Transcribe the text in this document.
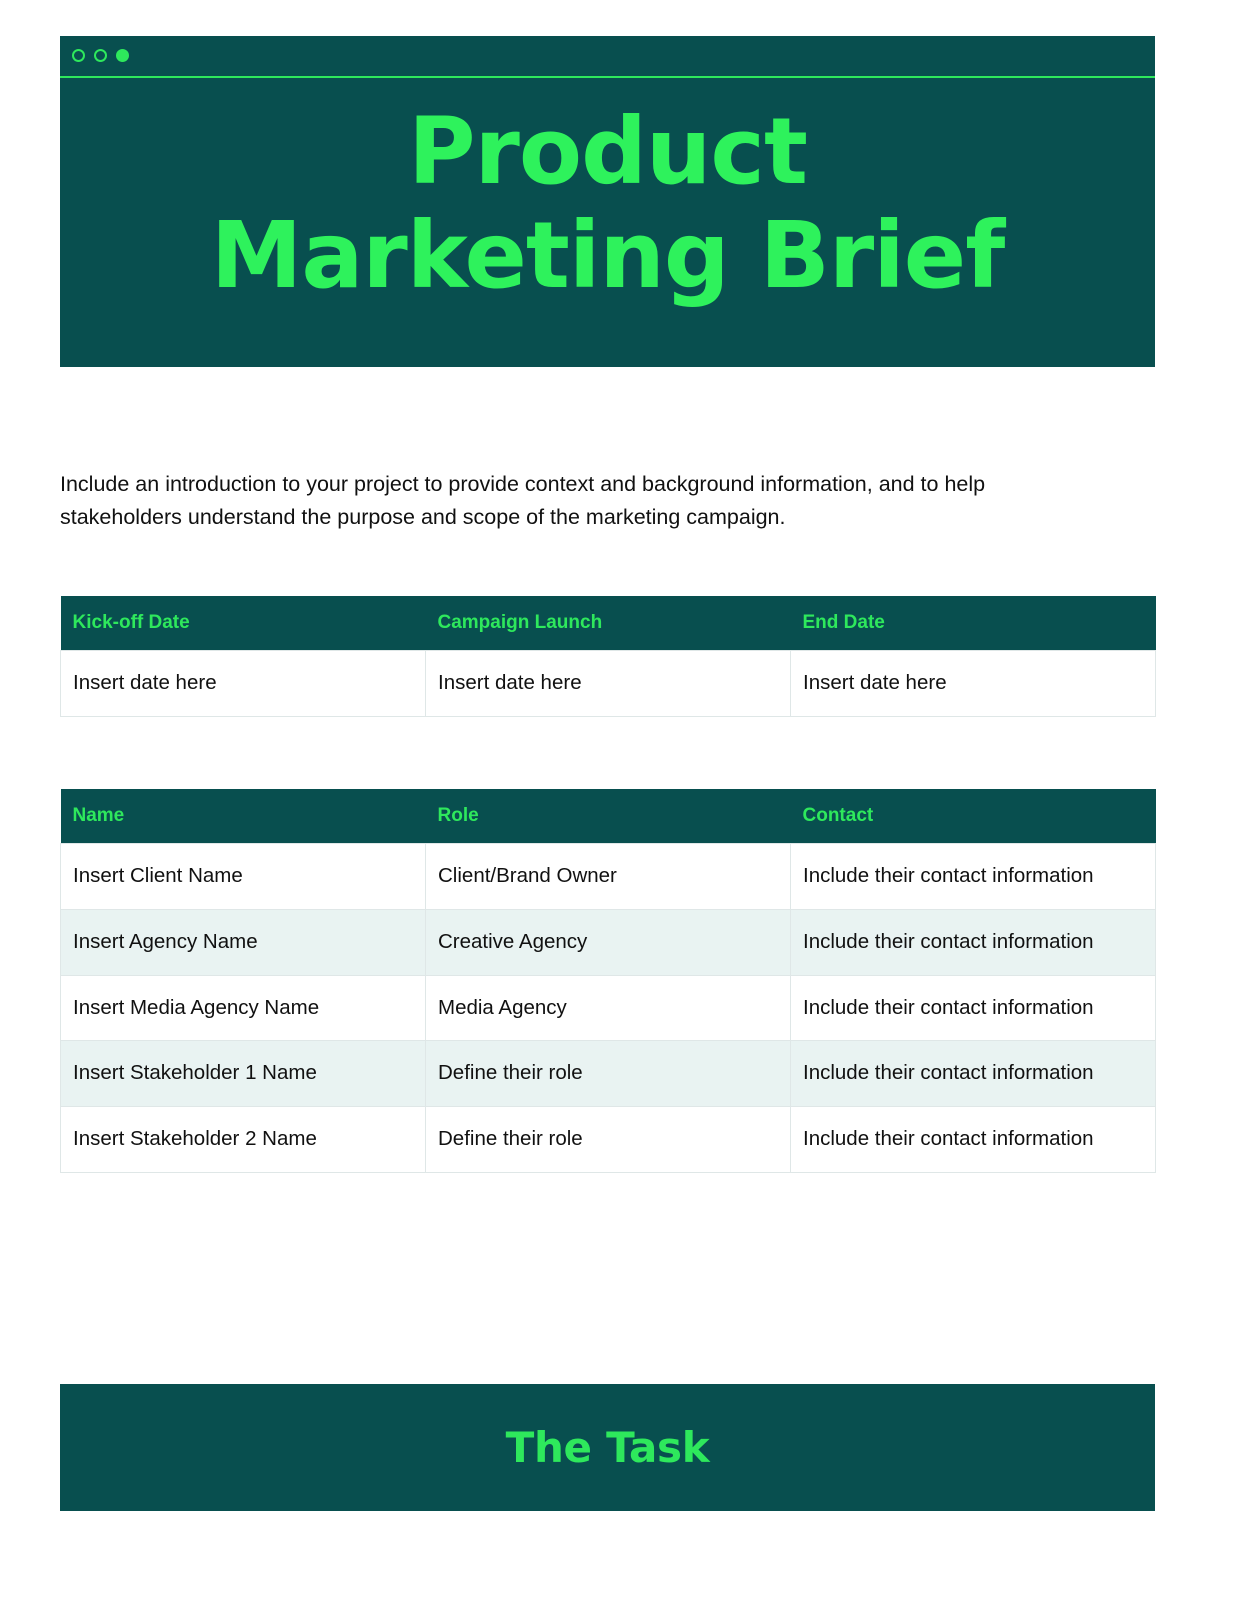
Product
Marketing Brief

Include an introduction to your project to provide context and background information, and to help stakeholders understand the purpose and scope of the marketing campaign.

Kick-off Date	Campaign Launch	End Date
Insert date here	Insert date here	Insert date here
Name	Role	Contact
Insert Client Name	Client/Brand Owner	Include their contact information
Insert Agency Name	Creative Agency	Include their contact information
Insert Media Agency Name	Media Agency	Include their contact information
Insert Stakeholder 1 Name	Define their role	Include their contact information
Insert Stakeholder 2 Name	Define their role	Include their contact information
The Task
